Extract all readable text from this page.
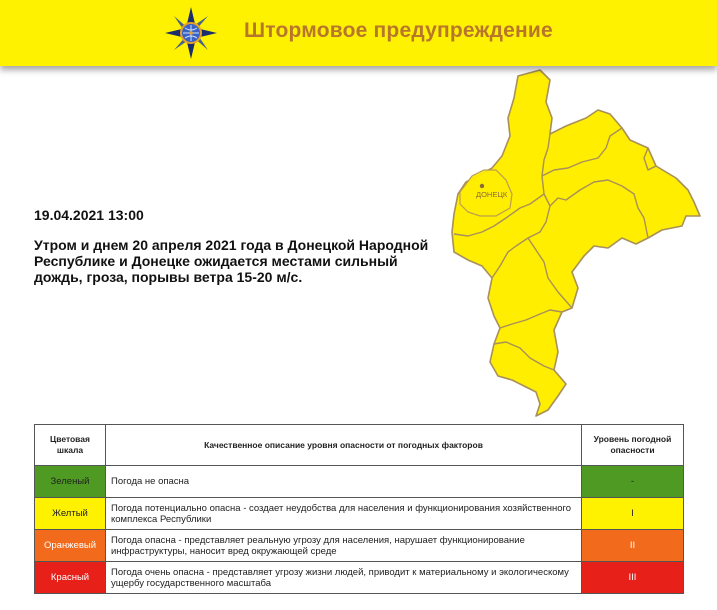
Штормовое предупреждение
ДОНЕЦК
19.04.2021 13:00
Утром и днем 20 апреля 2021 года в Донецкой Народной Республике и Донецке ожидается местами сильный дождь, гроза, порывы ветра 15-20 м/с.
Цветовая шкала	Качественное описание уровня опасности от погодных факторов	Уровень погодной опасности
Зеленый	Погода не опасна	-
Желтый	Погода потенциально опасна - создает неудобства для населения и функционирования хозяйственного комплекса Республики	I
Оранжевый	Погода опасна - представляет реальную угрозу для населения, нарушает функционирование инфраструктуры, наносит вред окружающей среде	II
Красный	Погода очень опасна - представляет угрозу жизни людей, приводит к материальному и экологическому ущербу государственного масштаба	III
